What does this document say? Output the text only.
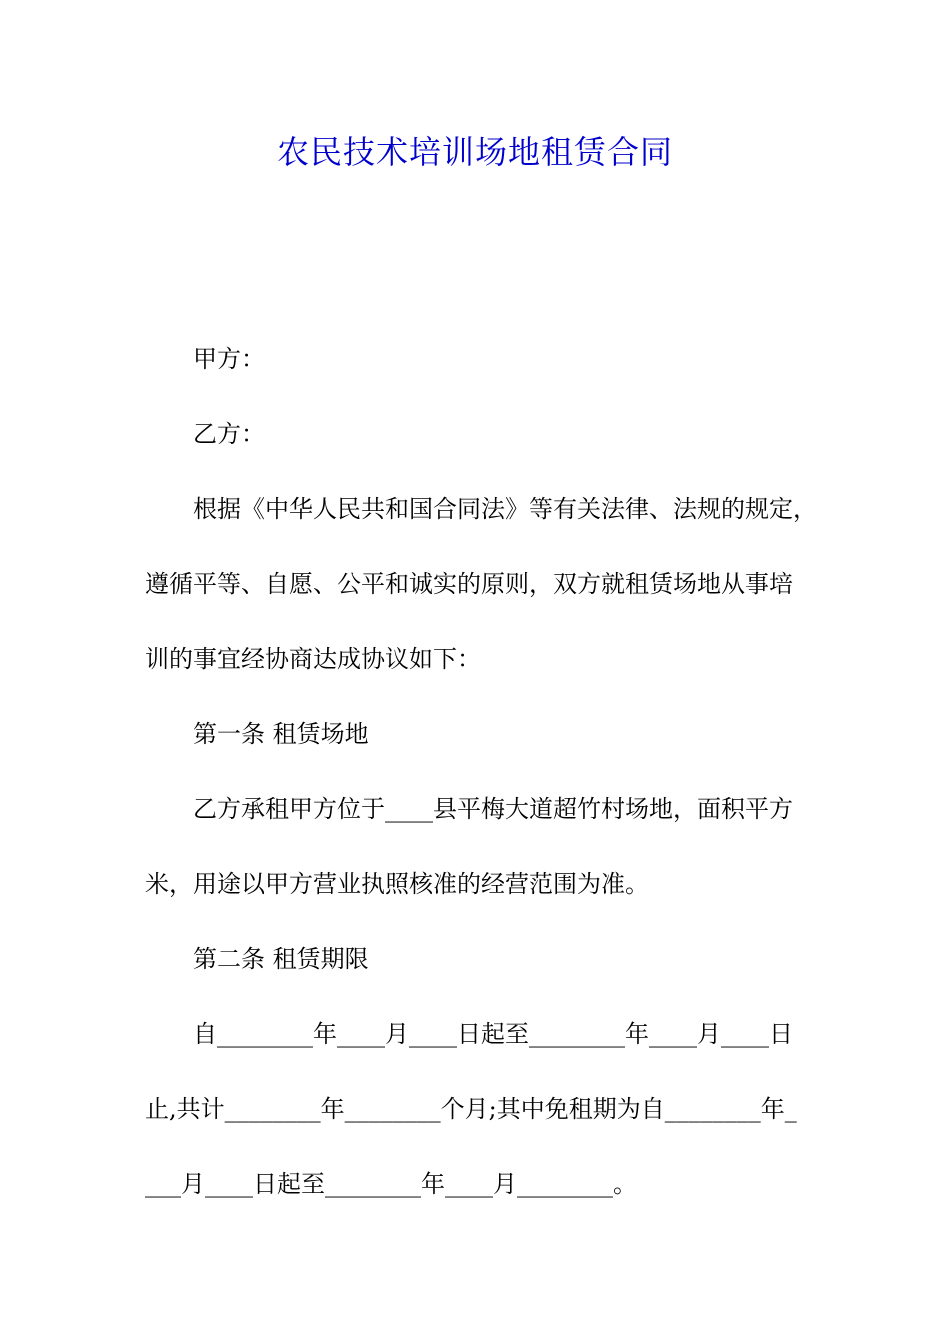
农民技术培训场地租赁合同

甲方：

乙方：

根据《中华人民共和国合同法》等有关法律、法规的规定，

遵循平等、自愿、公平和诚实的原则，双方就租赁场地从事培

训的事宜经协商达成协议如下：

第一条 租赁场地

乙方承租甲方位于____县平梅大道超竹村场地，面积平方

米，用途以甲方营业执照核准的经营范围为准。

第二条 租赁期限

自________年____月____日起至________年____月____日

止,共计________年________个月;其中免租期为自________年_

___月____日起至________年____月________。
